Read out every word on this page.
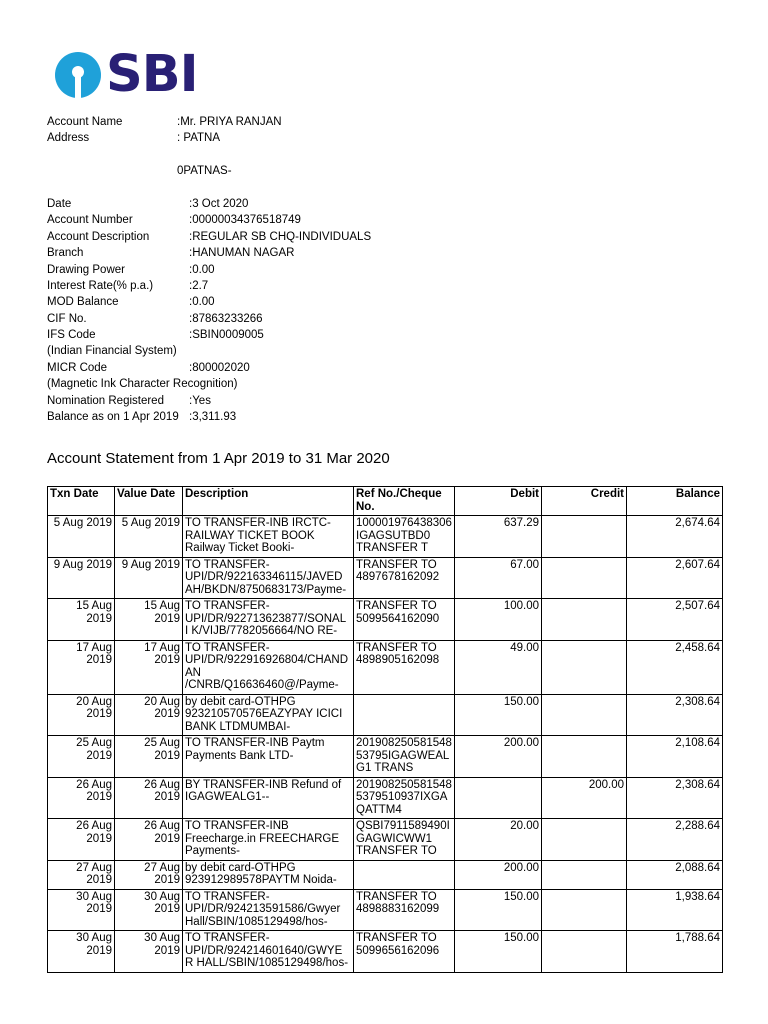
SBI
Account Name	:Mr. PRIYA RANJAN
Address	: PATNA
0PATNAS-
Date	:3 Oct 2020
Account Number	:00000034376518749
Account Description	:REGULAR SB CHQ-INDIVIDUALS
Branch	:HANUMAN NAGAR
Drawing Power	:0.00
Interest Rate(% p.a.)	:2.7
MOD Balance	:0.00
CIF No.	:87863233266
IFS Code	:SBIN0009005
(Indian Financial System)
MICR Code	:800002020
(Magnetic Ink Character Recognition)
Nomination Registered :Yes
Balance as on 1 Apr 2019 :3,311.93
Account Statement from 1 Apr 2019 to 31 Mar 2020
Txn Date	Value Date	Description	Ref No./Cheque No.	Debit	Credit	Balance
5 Aug 2019	5 Aug 2019	TO TRANSFER-INB IRCTC-RAILWAY TICKET BOOK Railway Ticket Booki-	100001976438306 IGAGSUTBD0 TRANSFER T	637.29		2,674.64
9 Aug 2019	9 Aug 2019	TO TRANSFER-UPI/DR/922163346115/JAVED AH/BKDN/8750683173/Payme-	TRANSFER TO 4897678162092	67.00		2,607.64
15 Aug 2019	15 Aug 2019	TO TRANSFER-UPI/DR/922713623877/SONAL I K/VIJB/7782056664/NO RE-	TRANSFER TO 5099564162090	100.00		2,507.64
17 Aug 2019	17 Aug 2019	TO TRANSFER-UPI/DR/922916926804/CHAND AN /CNRB/Q16636460@/Payme-	TRANSFER TO 4898905162098	49.00		2,458.64
20 Aug 2019	20 Aug 2019	by debit card-OTHPG 923210570576EAZYPAY ICICI BANK LTDMUMBAI-		150.00		2,308.64
25 Aug 2019	25 Aug 2019	TO TRANSFER-INB Paytm Payments Bank LTD-	20190825058154853795IGAGWEAL G1 TRANS	200.00		2,108.64
26 Aug 2019	26 Aug 2019	BY TRANSFER-INB Refund of IGAGWEALG1--	2019082505815485379510937IXGA QATTM4		200.00	2,308.64
26 Aug 2019	26 Aug 2019	TO TRANSFER-INB Freecharge.in FREECHARGE Payments-	QSBI7911589490IGAGWICWW1 TRANSFER TO	20.00		2,288.64
27 Aug 2019	27 Aug 2019	by debit card-OTHPG 923912989578PAYTM Noida-		200.00		2,088.64
30 Aug 2019	30 Aug 2019	TO TRANSFER-UPI/DR/924213591586/Gwyer Hall/SBIN/1085129498/hos-	TRANSFER TO 4898883162099	150.00		1,938.64
30 Aug 2019	30 Aug 2019	TO TRANSFER-UPI/DR/924214601640/GWYE R HALL/SBIN/1085129498/hos-	TRANSFER TO 5099656162096	150.00		1,788.64
